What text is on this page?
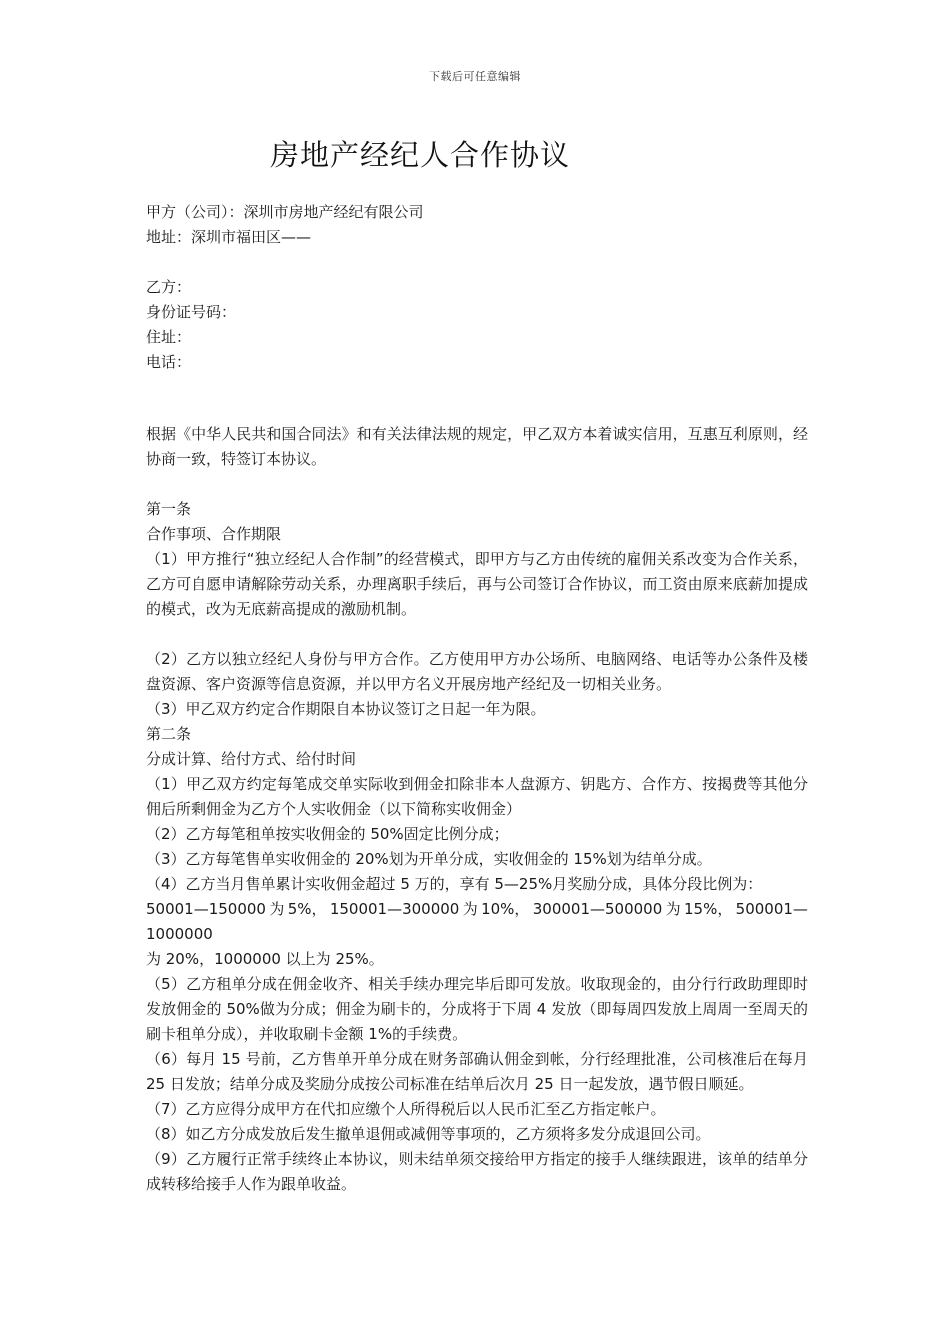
下载后可任意编辑
房地产经纪人合作协议

甲方（公司）：深圳市房地产经纪有限公司

地址：深圳市福田区——

乙方：

身份证号码：

住址：

电话：

根据《中华人民共和国合同法》和有关法律法规的规定，甲乙双方本着诚实信用，互惠互利原则，经协商一致，特签订本协议。

第一条

合作事项、合作期限

（1）甲方推行“独立经纪人合作制”的经营模式，即甲方与乙方由传统的雇佣关系改变为合作关系，乙方可自愿申请解除劳动关系，办理离职手续后，再与公司签订合作协议，而工资由原来底薪加提成的模式，改为无底薪高提成的激励机制。

（2）乙方以独立经纪人身份与甲方合作。乙方使用甲方办公场所、电脑网络、电话等办公条件及楼盘资源、客户资源等信息资源，并以甲方名义开展房地产经纪及一切相关业务。

（3）甲乙双方约定合作期限自本协议签订之日起一年为限。

第二条

分成计算、给付方式、给付时间

（1）甲乙双方约定每笔成交单实际收到佣金扣除非本人盘源方、钥匙方、合作方、按揭费等其他分佣后所剩佣金为乙方个人实收佣金（以下简称实收佣金）

（2）乙方每笔租单按实收佣金的 50%固定比例分成；

（3）乙方每笔售单实收佣金的 20%划为开单分成，实收佣金的 15%划为结单分成。

（4）乙方当月售单累计实收佣金超过 5 万的，享有 5—25%月奖励分成，具体分段比例为：

50001—150000 为 5%， 150001—300000 为 10%， 300001—500000 为 15%， 500001—

1000000

为 20%，1000000 以上为 25%。

（5）乙方租单分成在佣金收齐、相关手续办理完毕后即可发放。收取现金的，由分行行政助理即时发放佣金的 50%做为分成；佣金为刷卡的，分成将于下周 4 发放（即每周四发放上周周一至周天的刷卡租单分成），并收取刷卡金额 1%的手续费。

（6）每月 15 号前，乙方售单开单分成在财务部确认佣金到帐，分行经理批准，公司核准后在每月 25 日发放；结单分成及奖励分成按公司标准在结单后次月 25 日一起发放，遇节假日顺延。

（7）乙方应得分成甲方在代扣应缴个人所得税后以人民币汇至乙方指定帐户。

（8）如乙方分成发放后发生撤单退佣或减佣等事项的，乙方须将多发分成退回公司。

（9）乙方履行正常手续终止本协议，则未结单须交接给甲方指定的接手人继续跟进，该单的结单分成转移给接手人作为跟单收益。
